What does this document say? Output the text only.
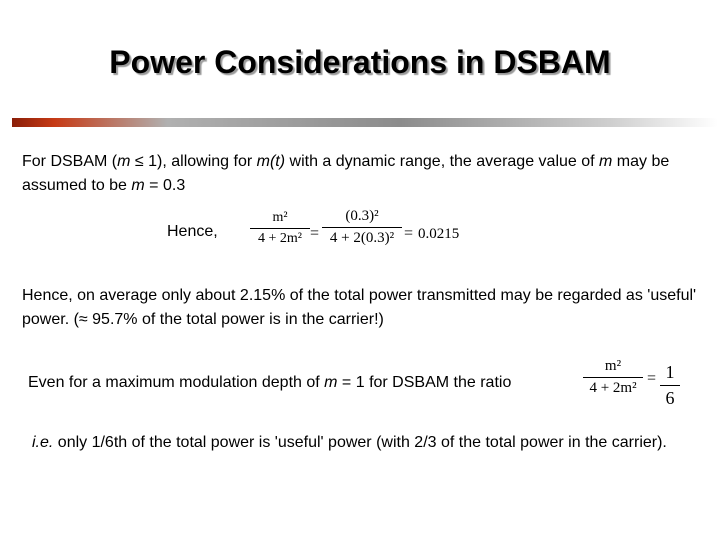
Power Considerations in DSBAM
For DSBAM (m ≤ 1), allowing for m(t) with a dynamic range, the average value of m may be assumed to be m = 0.3
Hence,
m²
4 + 2m² =
(0.3)²
4 + 2(0.3)² = 0.0215
Hence, on average only about 2.15% of the total power transmitted may be regarded as 'useful' power. (≈ 95.7% of the total power is in the carrier!)
Even for a maximum modulation depth of m = 1 for DSBAM the ratio
m²
4 + 2m²
= 1
6
i.e. only 1/6th of the total power is 'useful' power (with 2/3 of the total power in the carrier).
